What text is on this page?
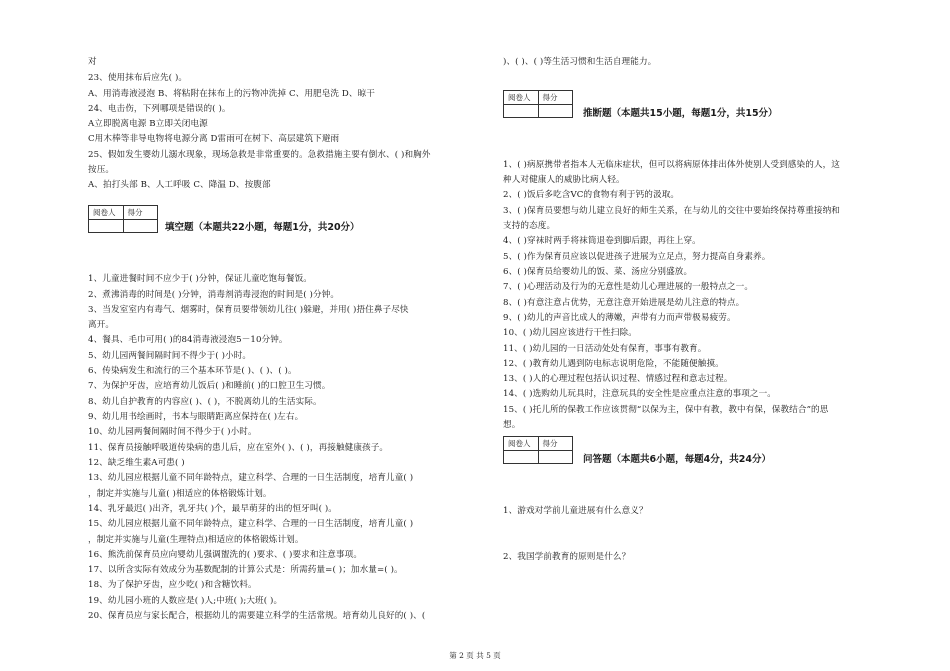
对
23、使用抹布后应先( )。
A、用消毒液浸泡 B、将粘附在抹布上的污物冲洗掉 C、用肥皂洗 D、晾干
24、电击伤，下列哪项是错误的( )。
A立即脱离电源 B立即关闭电源
C用木棒等非导电物将电源分离 D雷雨可在树下、高层建筑下避雨
25、假如发生婴幼儿溺水现象，现场急救是非常重要的。急救措施主要有倒水、( )和胸外
按压。
A、拍打头部 B、人工呼吸 C、降温 D、按腹部
阅卷人	得分
填空题（本题共22小题，每题1分，共20分）
1、儿童进餐时间不应少于( )分钟，保证儿童吃饱每餐饭。
2、煮沸消毒的时间是( )分钟，消毒剂消毒浸泡的时间是( )分钟。
3、当发室室内有毒气、烟雾时，保育员要带领幼儿往( )躲避，并用( )捂住鼻子尽快
离开。
4、餐具、毛巾可用( )的84消毒液浸泡5－10分钟。
5、幼儿园两餐间隔时间不得少于( )小时。
6、传染病发生和流行的三个基本环节是( )、( )、( )。
7、为保护牙齿，应培育幼儿饭后( )和睡前( )的口腔卫生习惯。
8、幼儿自护教育的内容应( )、( )，不脱离幼儿的生活实际。
9、幼儿用书绘画时，书本与眼睛距离应保持在( )左右。
10、幼儿园两餐间隔时间不得少于( )小时。
11、保育员接触呼吸道传染病的患儿后，应在室外( )、( )，再接触健康孩子。
12、缺乏维生素A可患( )
13、幼儿园应根据儿童不同年龄特点，建立科学、合理的一日生活制度，培育儿童( )
，制定并实施与儿童( )相适应的体格锻炼计划。
14、乳牙最迟( )出齐，乳牙共( )个，最早萌芽的出的恒牙叫( )。
15、幼儿园应根据儿童不同年龄特点，建立科学、合理的一日生活制度，培育儿童( )
，制定并实施与儿童(生理特点)相适应的体格锻炼计划。
16、熊洗前保育员应向婴幼儿强调盥洗的( )要求、( )要求和注意事项。
17、以所含实际有效成分为基数配制的计算公式是：所需药量=( )；加水量=( )。
18、为了保护牙齿，应少吃( )和含糖饮料。
19、幼儿园小班的人数应是( )人;中班( );大班( )。
20、保育员应与家长配合，根据幼儿的需要建立科学的生活常规。培育幼儿良好的( )、(
)、( )、( )等生活习惯和生活自理能力。
阅卷人	得分
推断题（本题共15小题，每题1分，共15分）
1、( )病原携带者指本人无临床症状，但可以将病原体排出体外使别人受到感染的人，这
种人对健康人的威胁比病人轻。
2、( )饭后多吃含VC的食物有利于钙的汲取。
3、( )保育员要想与幼儿建立良好的师生关系，在与幼儿的交往中要始终保持尊重接纳和
支持的态度。
4、( )穿袜时两手将袜筒退卷到脚后跟，再往上穿。
5、( )作为保育员应该以促进孩子进展为立足点，努力提高自身素养。
6、( )保育员给婴幼儿的饭、菜、汤应分别盛放。
7、( )心理活动及行为的无意性是幼儿心理进展的一般特点之一。
8、( )有意注意占优势，无意注意开始进展是幼儿注意的特点。
9、( )幼儿的声音比成人的薄嫩，声带有力而声带极易疲劳。
10、( )幼儿园应该进行干性扫除。
11、( )幼儿园的一日活动处处有保育，事事有教育。
12、( )教育幼儿遇到防电标志说明危险，不能随便触摸。
13、( )人的心理过程包括认识过程、情感过程和意志过程。
14、( )选购幼儿玩具时，注意玩具的安全性是应重点注意的事项之一。
15、( )托儿所的保教工作应该贯彻“以保为主，保中有教，教中有保，保教结合”的思
想。
阅卷人	得分
问答题（本题共6小题，每题4分，共24分）
1、游戏对学前儿童进展有什么意义？
2、我国学前教育的原则是什么？
第 2 页 共 5 页
